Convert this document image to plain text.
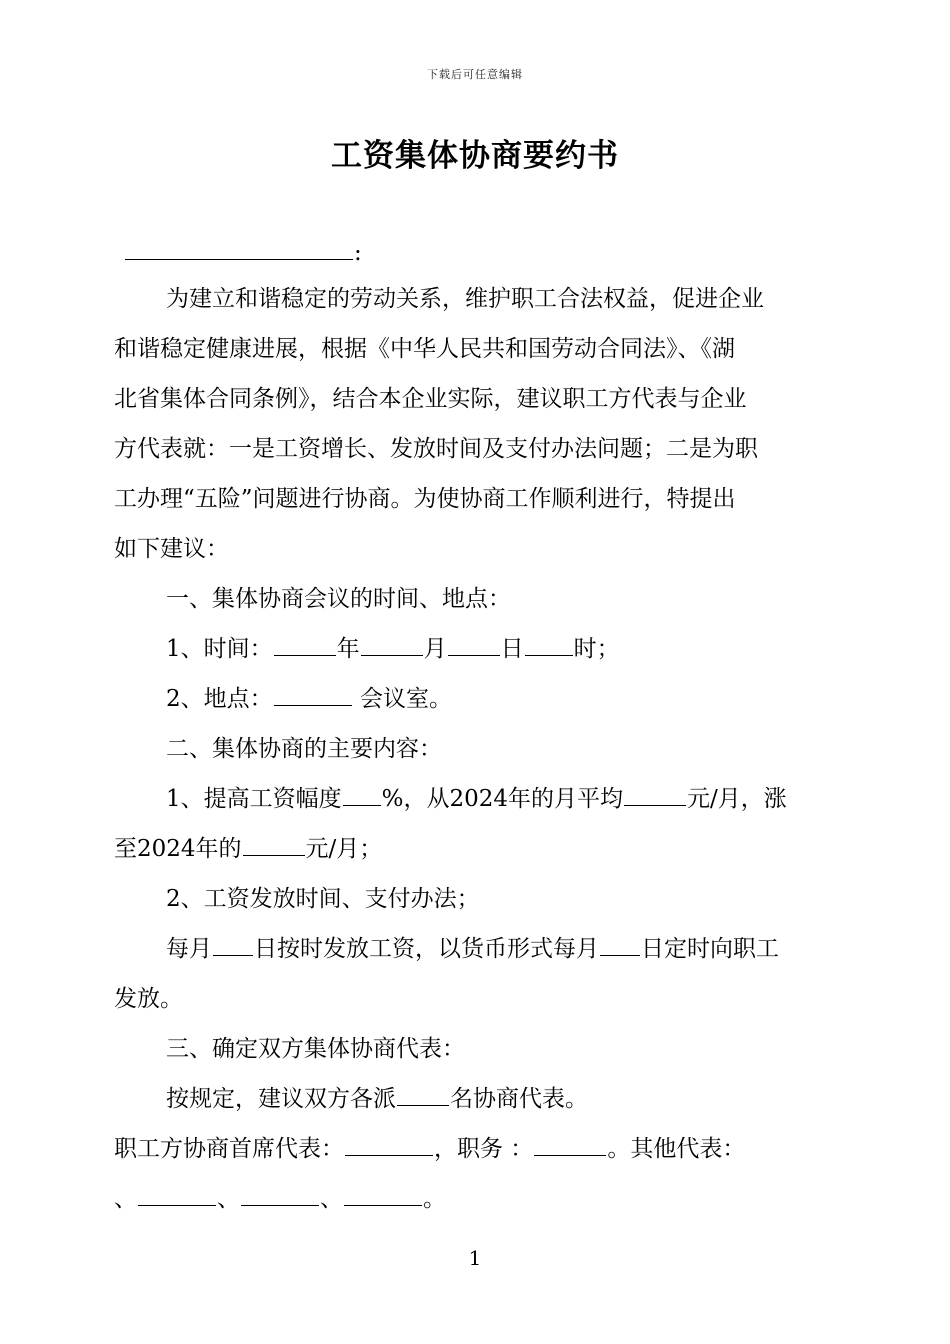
下载后可任意编辑
工资集体协商要约书
:
为建立和谐稳定的劳动关系，维护职工合法权益，促进企业
和谐稳定健康进展，根据《中华人民共和国劳动合同法》、《湖
北省集体合同条例》，结合本企业实际，建议职工方代表与企业
方代表就：一是工资增长、发放时间及支付办法问题；二是为职
工办理“五险”问题进行协商。为使协商工作顺利进行，特提出
如下建议：
一、集体协商会议的时间、地点：
1、时间：	年	月 日 时；
2、地点：	会议室。
二、集体协商的主要内容：
1、提高工资幅度 %，从2024年的月平均	元/月，涨
至2024年的	元/月；
2、工资发放时间、支付办法；
每月 日按时发放工资，以货币形式每月 日定时向职工
发放。
三、确定双方集体协商代表：
按规定，建议双方各派 名协商代表。
职工方协商首席代表：	，职务 ：	。其他代表：
、	、	、	。
1
